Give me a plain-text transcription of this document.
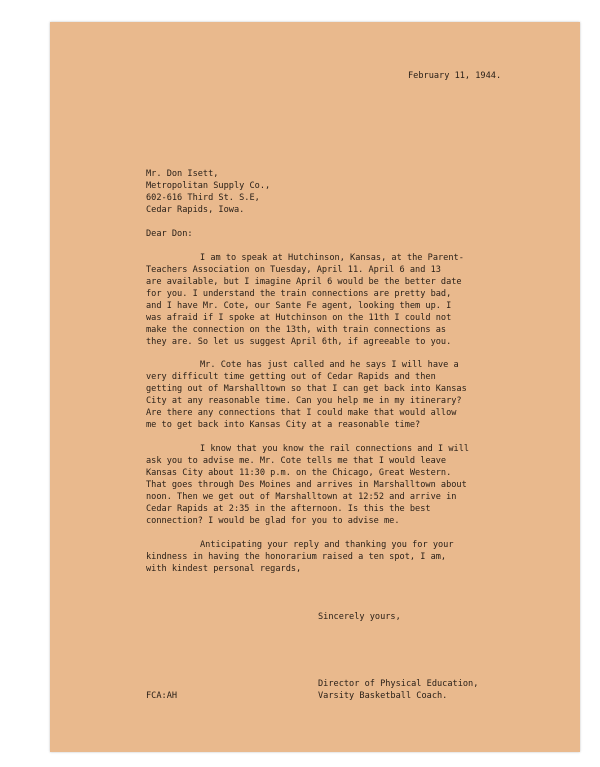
February 11, 1944.
Mr. Don Isett,
Metropolitan Supply Co.,
602-616 Third St. S.E,
Cedar Rapids, Iowa.
Dear Don:
I am to speak at Hutchinson, Kansas, at the Parent-
Teachers Association on Tuesday, April 11. April 6 and 13
are available, but I imagine April 6 would be the better date
for you. I understand the train connections are pretty bad,
and I have Mr. Cote, our Sante Fe agent, looking them up. I
was afraid if I spoke at Hutchinson on the 11th I could not
make the connection on the 13th, with train connections as
they are. So let us suggest April 6th, if agreeable to you.
Mr. Cote has just called and he says I will have a
very difficult time getting out of Cedar Rapids and then
getting out of Marshalltown so that I can get back into Kansas
City at any reasonable time. Can you help me in my itinerary?
Are there any connections that I could make that would allow
me to get back into Kansas City at a reasonable time?
I know that you know the rail connections and I will
ask you to advise me. Mr. Cote tells me that I would leave
Kansas City about 11:30 p.m. on the Chicago, Great Western.
That goes through Des Moines and arrives in Marshalltown about
noon. Then we get out of Marshalltown at 12:52 and arrive in
Cedar Rapids at 2:35 in the afternoon. Is this the best
connection? I would be glad for you to advise me.
Anticipating your reply and thanking you for your
kindness in having the honorarium raised a ten spot, I am,
with kindest personal regards,
Sincerely yours,
Director of Physical Education,
Varsity Basketball Coach.
FCA:AH
